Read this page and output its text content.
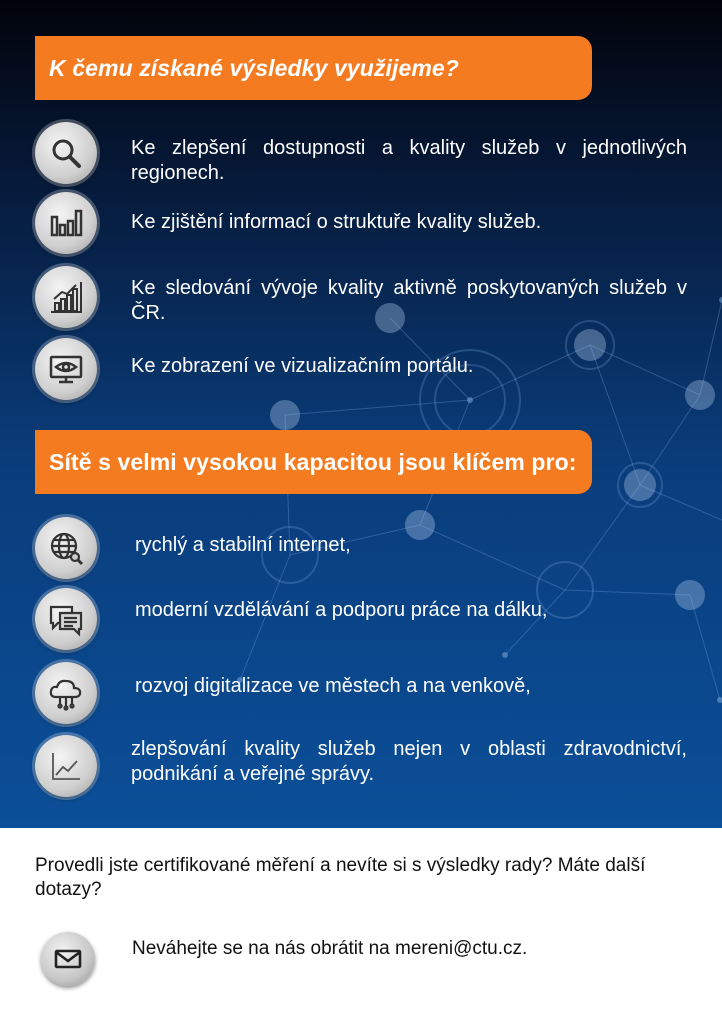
K čemu získané výsledky využijeme?
Ke zlepšení dostupnosti a kvality služeb v jednotlivých regionech.
Ke zjištění informací o struktuře kvality služeb.
Ke sledování vývoje kvality aktivně poskytovaných služeb v ČR.
Ke zobrazení ve vizualizačním portálu.
Sítě s velmi vysokou kapacitou jsou klíčem pro:
rychlý a stabilní internet,
moderní vzdělávání a podporu práce na dálku,
rozvoj digitalizace ve městech a na venkově,
zlepšování kvality služeb nejen v oblasti zdravodnictví, podnikání a veřejné správy.
Provedli jste certifikované měření a nevíte si s výsledky rady? Máte další dotazy?
Neváhejte se na nás obrátit na mereni@ctu.cz.
